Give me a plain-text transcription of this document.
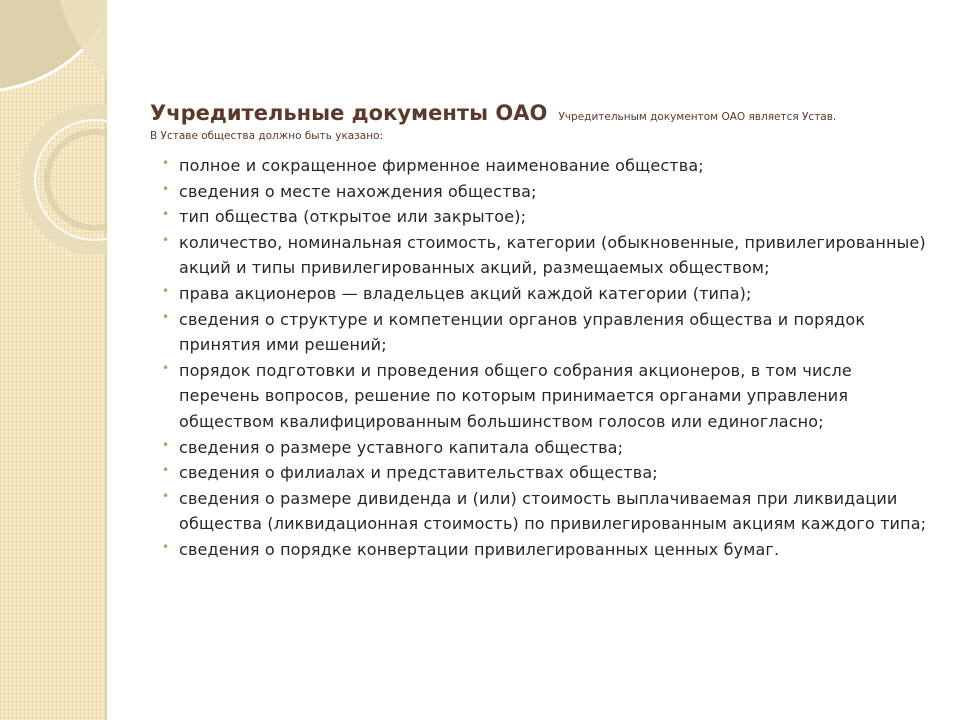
Учредительные документы ОАО Учредительным документом ОАО является Устав.
В Уставе общества должно быть указано:
• полное и сокращенное фирменное наименование общества;
• сведения о месте нахождения общества;
• тип общества (открытое или закрытое);
• количество, номинальная стоимость, категории (обыкновенные, привилегированные) акций и типы привилегированных акций, размещаемых обществом;
• права акционеров — владельцев акций каждой категории (типа);
• сведения о структуре и компетенции органов управления общества и порядок принятия ими решений;
• порядок подготовки и проведения общего собрания акционеров, в том числе перечень вопросов, решение по которым принимается органами управления обществом квалифицированным большинством голосов или единогласно;
• сведения о размере уставного капитала общества;
• сведения о филиалах и представительствах общества;
• сведения о размере дивиденда и (или) стоимость выплачиваемая при ликвидации общества (ликвидационная стоимость) по привилегированным акциям каждого типа;
• сведения о порядке конвертации привилегированных ценных бумаг.
